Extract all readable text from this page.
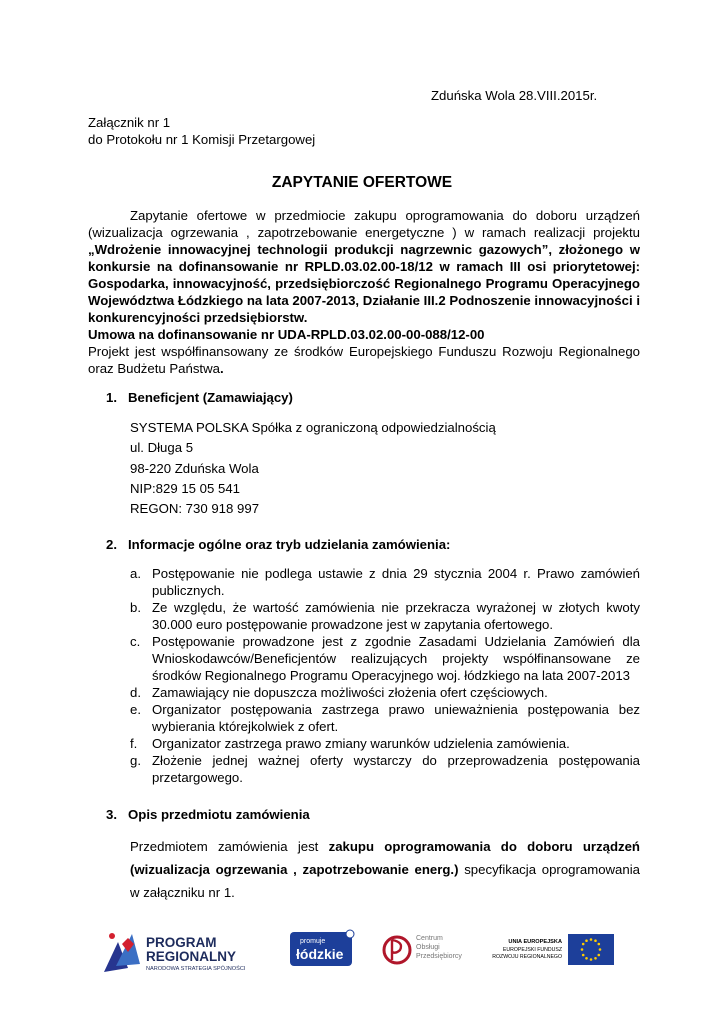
Zduńska Wola 28.VIII.2015r.
Załącznik nr 1
do Protokołu nr 1 Komisji Przetargowej
ZAPYTANIE OFERTOWE

Zapytanie ofertowe w przedmiocie zakupu oprogramowania do doboru urządzeń (wizualizacja ogrzewania , zapotrzebowanie energetyczne ) w ramach realizacji projektu „Wdrożenie innowacyjnej technologii produkcji nagrzewnic gazowych”, złożonego w konkursie na dofinansowanie nr RPLD.03.02.00-18/12 w ramach III osi priorytetowej: Gospodarka, innowacyjność, przedsiębiorczość Regionalnego Programu Operacyjnego Województwa Łódzkiego na lata 2007-2013, Działanie III.2 Podnoszenie innowacyjności i konkurencyjności przedsiębiorstw.
Umowa na dofinansowanie nr UDA-RPLD.03.02.00-00-088/12-00
Projekt jest współfinansowany ze środków Europejskiego Funduszu Rozwoju Regionalnego oraz Budżetu Państwa.

1. Beneficjent (Zamawiający)
SYSTEMA POLSKA Spółka z ograniczoną odpowiedzialnością
ul. Długa 5
98-220 Zduńska Wola
NIP:829 15 05 541
REGON: 730 918 997
2. Informacje ogólne oraz tryb udzielania zamówienia:
a. Postępowanie nie podlega ustawie z dnia 29 stycznia 2004 r. Prawo zamówień publicznych.
b. Ze względu, że wartość zamówienia nie przekracza wyrażonej w złotych kwoty 30.000 euro postępowanie prowadzone jest w zapytania ofertowego.
c. Postępowanie prowadzone jest z zgodnie Zasadami Udzielania Zamówień dla Wnioskodawców/Beneficjentów realizujących projekty współfinansowane ze środków Regionalnego Programu Operacyjnego woj. łódzkiego na lata 2007-2013
d. Zamawiający nie dopuszcza możliwości złożenia ofert częściowych.
e. Organizator postępowania zastrzega prawo unieważnienia postępowania bez wybierania którejkolwiek z ofert.
f.	Organizator zastrzega prawo zmiany warunków udzielenia zamówienia.
g. Złożenie jednej ważnej oferty wystarczy do przeprowadzenia postępowania przetargowego.
3. Opis przedmiotu zamówienia
Przedmiotem zamówienia jest zakupu oprogramowania do doboru urządzeń (wizualizacja ogrzewania , zapotrzebowanie energ.) specyfikacja oprogramowania w załączniku nr 1.
PROGRAM
REGIONALNY
NARODOWA STRATEGIA SPÓJNOŚCI
promuje
łódzkie
Centrum
Obsługi
Przedsiębiorcy
UNIA EUROPEJSKA
EUROPEJSKI FUNDUSZ
ROZWOJU REGIONALNEGO
